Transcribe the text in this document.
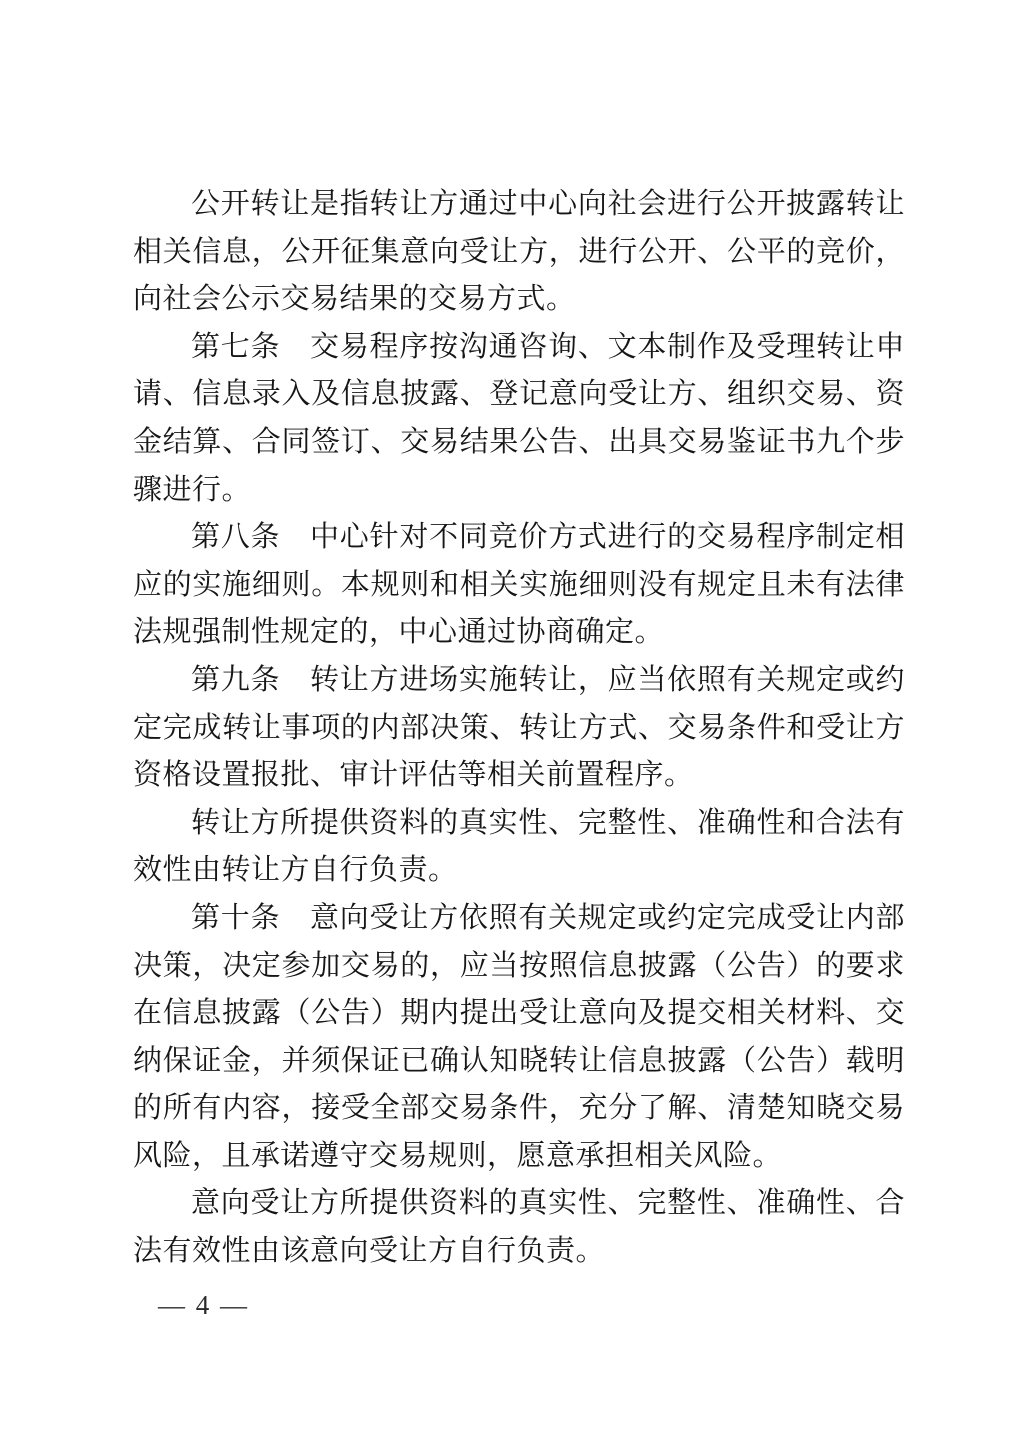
公开转让是指转让方通过中心向社会进行公开披露转让相关信息，公开征集意向受让方，进行公开、公平的竞价，向社会公示交易结果的交易方式。

第七条　交易程序按沟通咨询、文本制作及受理转让申请、信息录入及信息披露、登记意向受让方、组织交易、资金结算、合同签订、交易结果公告、出具交易鉴证书九个步骤进行。

第八条　中心针对不同竞价方式进行的交易程序制定相应的实施细则。本规则和相关实施细则没有规定且未有法律法规强制性规定的，中心通过协商确定。

第九条　转让方进场实施转让，应当依照有关规定或约定完成转让事项的内部决策、转让方式、交易条件和受让方资格设置报批、审计评估等相关前置程序。

转让方所提供资料的真实性、完整性、准确性和合法有效性由转让方自行负责。

第十条　意向受让方依照有关规定或约定完成受让内部决策，决定参加交易的，应当按照信息披露（公告）的要求在信息披露（公告）期内提出受让意向及提交相关材料、交纳保证金，并须保证已确认知晓转让信息披露（公告）载明的所有内容，接受全部交易条件，充分了解、清楚知晓交易风险，且承诺遵守交易规则，愿意承担相关风险。

意向受让方所提供资料的真实性、完整性、准确性、合法有效性由该意向受让方自行负责。

— 4 —
